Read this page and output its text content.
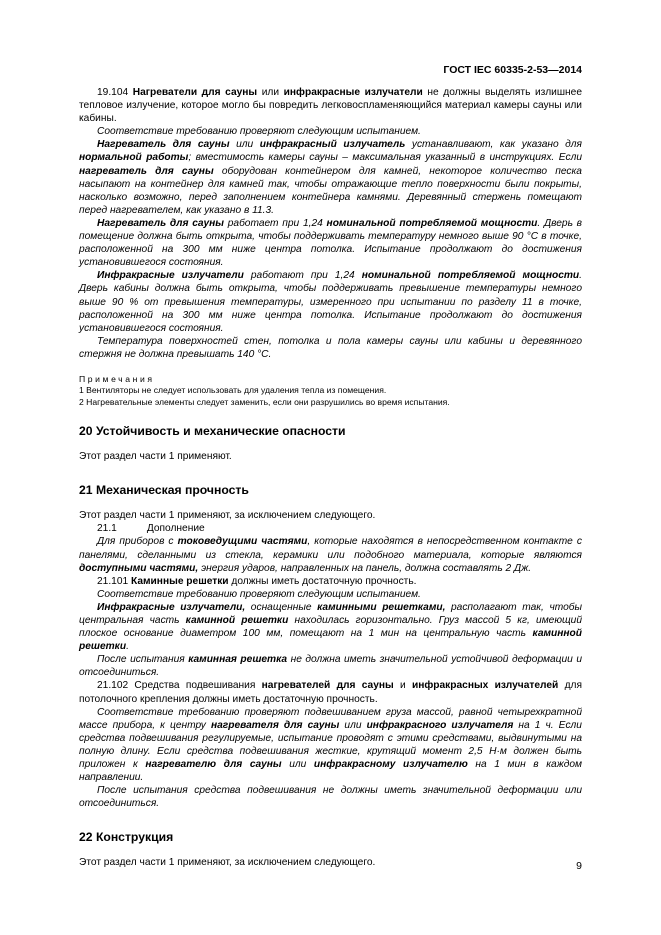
ГОСТ IEC 60335-2-53—2014

19.104 Нагреватели для сауны или инфракрасные излучатели не должны выделять излишнее тепловое излучение, которое могло бы повредить легковоспламеняющийся материал камеры сауны или кабины.

Соответствие требованию проверяют следующим испытанием.

Нагреватель для сауны или инфракрасный излучатель устанавливают, как указано для нормальной работы; вместимость камеры сауны – максимальная указанный в инструкциях. Если нагреватель для сауны оборудован контейнером для камней, некоторое количество песка насыпают на контейнер для камней так, чтобы отражающие тепло поверхности были покрыты, насколько возможно, перед заполнением контейнера камнями. Деревянный стержень помещают перед нагревателем, как указано в 11.3.

Нагреватель для сауны работает при 1,24 номинальной потребляемой мощности. Дверь в помещение должна быть открыта, чтобы поддерживать температуру немного выше 90 °С в точке, расположенной на 300 мм ниже центра потолка. Испытание продолжают до достижения установившегося состояния.

Инфракрасные излучатели работают при 1,24 номинальной потребляемой мощности. Дверь кабины должна быть открыта, чтобы поддерживать превышение температуры немного выше 90 % от превышения температуры, измеренного при испытании по разделу 11 в точке, расположенной на 300 мм ниже центра потолка. Испытание продолжают до достижения установившегося состояния.

Температура поверхностей стен, потолка и пола камеры сауны или кабины и деревянного стержня не должна превышать 140 °С.

Примечания

1 Вентиляторы не следует использовать для удаления тепла из помещения.

2 Нагревательные элементы следует заменить, если они разрушились во время испытания.

20 Устойчивость и механические опасности

Этот раздел части 1 применяют.

21 Механическая прочность

Этот раздел части 1 применяют, за исключением следующего.

21.1	Дополнение

Для приборов с токоведущими частями, которые находятся в непосредственном контакте с панелями, сделанными из стекла, керамики или подобного материала, которые являются доступными частями, энергия ударов, направленных на панель, должна составлять 2 Дж.

21.101 Каминные решетки должны иметь достаточную прочность.

Соответствие требованию проверяют следующим испытанием.

Инфракрасные излучатели, оснащенные каминными решетками, располагают так, чтобы центральная часть каминной решетки находилась горизонтально. Груз массой 5 кг, имеющий плоское основание диаметром 100 мм, помещают на 1 мин на центральную часть каминной решетки.

После испытания каминная решетка не должна иметь значительной устойчивой деформации и отсоединиться.

21.102 Средства подвешивания нагревателей для сауны и инфракрасных излучателей для потолочного крепления должны иметь достаточную прочность.

Соответствие требованию проверяют подвешиванием груза массой, равной четырехкратной массе прибора, к центру нагревателя для сауны или инфракрасного излучателя на 1 ч. Если средства подвешивания регулируемые, испытание проводят с этими средствами, выдвинутыми на полную длину. Если средства подвешивания жесткие, крутящий момент 2,5 Н·м должен быть приложен к нагревателю для сауны или инфракрасному излучателю на 1 мин в каждом направлении.

После испытания средства подвешивания не должны иметь значительной деформации или отсоединиться.

22 Конструкция

Этот раздел части 1 применяют, за исключением следующего.	9
